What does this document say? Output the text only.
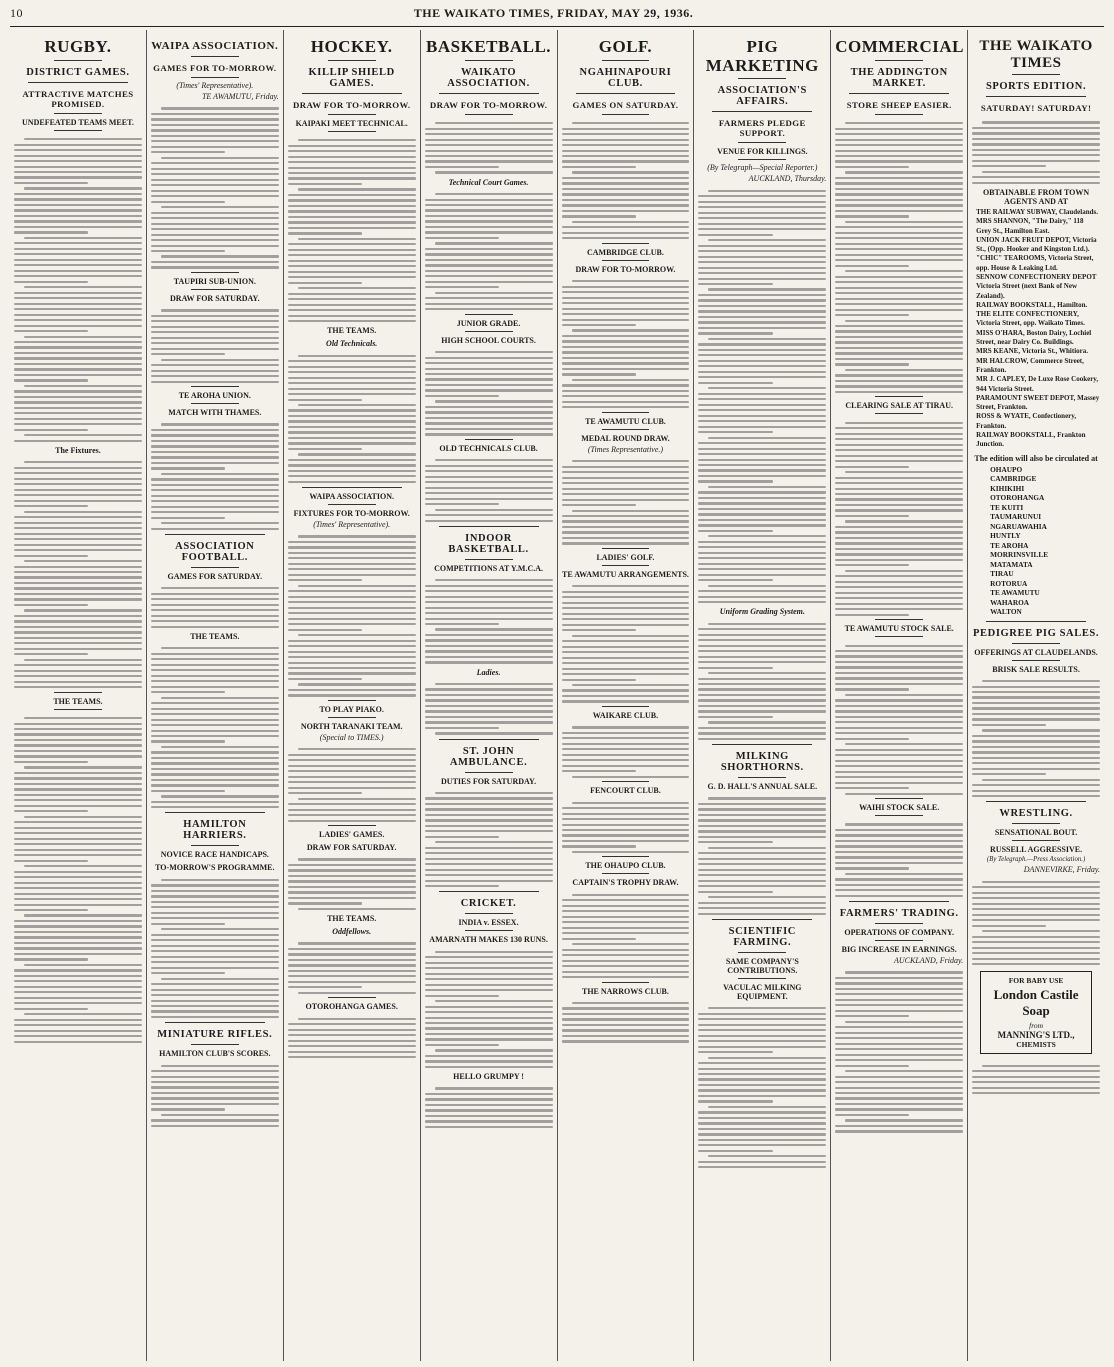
10	THE WAIKATO TIMES, FRIDAY, MAY 29, 1936.
RUGBY.
DISTRICT GAMES.
ATTRACTIVE MATCHES PROMISED.
UNDEFEATED TEAMS MEET.
The Fixtures.
THE TEAMS.
WAIPA ASSOCIATION.
GAMES FOR TO-MORROW.
(Times' Representative).
TE AWAMUTU, Friday.
TAUPIRI SUB-UNION.
DRAW FOR SATURDAY.
TE AROHA UNION.
MATCH WITH THAMES.
ASSOCIATION FOOTBALL.
GAMES FOR SATURDAY.
THE TEAMS.
HAMILTON HARRIERS.
NOVICE RACE HANDICAPS.
TO-MORROW'S PROGRAMME.
MINIATURE RIFLES.
HAMILTON CLUB'S SCORES.
HOCKEY.
KILLIP SHIELD GAMES.
DRAW FOR TO-MORROW.
KAIPAKI MEET TECHNICAL.
THE TEAMS.
Old Technicals.
WAIPA ASSOCIATION.
FIXTURES FOR TO-MORROW.
(Times' Representative).
TO PLAY PIAKO.
NORTH TARANAKI TEAM.
(Special to TIMES.)
LADIES' GAMES.
DRAW FOR SATURDAY.
THE TEAMS.
Oddfellows.
OTOROHANGA GAMES.
BASKETBALL.
WAIKATO ASSOCIATION.
DRAW FOR TO-MORROW.
Technical Court Games.
JUNIOR GRADE.
HIGH SCHOOL COURTS.
OLD TECHNICALS CLUB.
INDOOR BASKETBALL.
COMPETITIONS AT Y.M.C.A.
Ladies.
ST. JOHN AMBULANCE.
DUTIES FOR SATURDAY.
CRICKET.
INDIA v. ESSEX.
AMARNATH MAKES 130 RUNS.
HELLO GRUMPY !
GOLF.
NGAHINAPOURI CLUB.
GAMES ON SATURDAY.
CAMBRIDGE CLUB.
DRAW FOR TO-MORROW.
TE AWAMUTU CLUB.
MEDAL ROUND DRAW.
(Times Representative.)
LADIES' GOLF.
TE AWAMUTU ARRANGEMENTS.
WAIKARE CLUB.
FENCOURT CLUB.
THE OHAUPO CLUB.
CAPTAIN'S TROPHY DRAW.
THE NARROWS CLUB.
PIG MARKETING
ASSOCIATION'S AFFAIRS.
FARMERS PLEDGE SUPPORT.
VENUE FOR KILLINGS.
(By Telegraph—Special Reporter.)
AUCKLAND, Thursday.
Uniform Grading System.
MILKING SHORTHORNS.
G. D. HALL'S ANNUAL SALE.
SCIENTIFIC FARMING.
SAME COMPANY'S CONTRIBUTIONS.
VACULAC MILKING EQUIPMENT.
COMMERCIAL
THE ADDINGTON MARKET.
STORE SHEEP EASIER.
CLEARING SALE AT TIRAU.
TE AWAMUTU STOCK SALE.
WAIHI STOCK SALE.
FARMERS' TRADING.
OPERATIONS OF COMPANY.
BIG INCREASE IN EARNINGS.
AUCKLAND, Friday.
THE WAIKATO TIMES
SPORTS EDITION.
SATURDAY! SATURDAY!
OBTAINABLE FROM TOWN AGENTS AND AT
THE RAILWAY SUBWAY, Claudelands.
MRS SHANNON, "The Dairy," 118 Grey St., Hamilton East.
UNION JACK FRUIT DEPOT, Victoria St., (Opp. Hooker and Kingston Ltd.).
"CHIC" TEAROOMS, Victoria Street, opp. House & Leaking Ltd.
SENNOW CONFECTIONERY DEPOT Victoria Street (next Bank of New Zealand).
RAILWAY BOOKSTALL, Hamilton.
THE ELITE CONFECTIONERY, Victoria Street, opp. Waikato Times.
MISS O'HARA, Boston Dairy, Lochiel Street, near Dairy Co. Buildings.
MRS KEANE, Victoria St., Whitiora.
MR HALCROW, Commerce Street, Frankton.
MR J. CAPLEY, De Luxe Rose Cookery, 944 Victoria Street.
PARAMOUNT SWEET DEPOT, Massey Street, Frankton.
ROSS & WYATE, Confectionery, Frankton.
RAILWAY BOOKSTALL, Frankton Junction.
The edition will also be circulated at
OHAUPO
CAMBRIDGE
KIHIKIHI
OTOROHANGA
TE KUITI
TAUMARUNUI
NGARUAWAHIA
HUNTLY
TE AROHA
MORRINSVILLE
MATAMATA
TIRAU
ROTORUA
TE AWAMUTU
WAHAROA
WALTON
PEDIGREE PIG SALES.
OFFERINGS AT CLAUDELANDS.
BRISK SALE RESULTS.
WRESTLING.
SENSATIONAL BOUT.
RUSSELL AGGRESSIVE.
(By Telegraph.—Press Association.)
DANNEVIRKE, Friday.
FOR BABY USE
London Castile Soap
from
MANNING'S LTD.,
CHEMISTS
